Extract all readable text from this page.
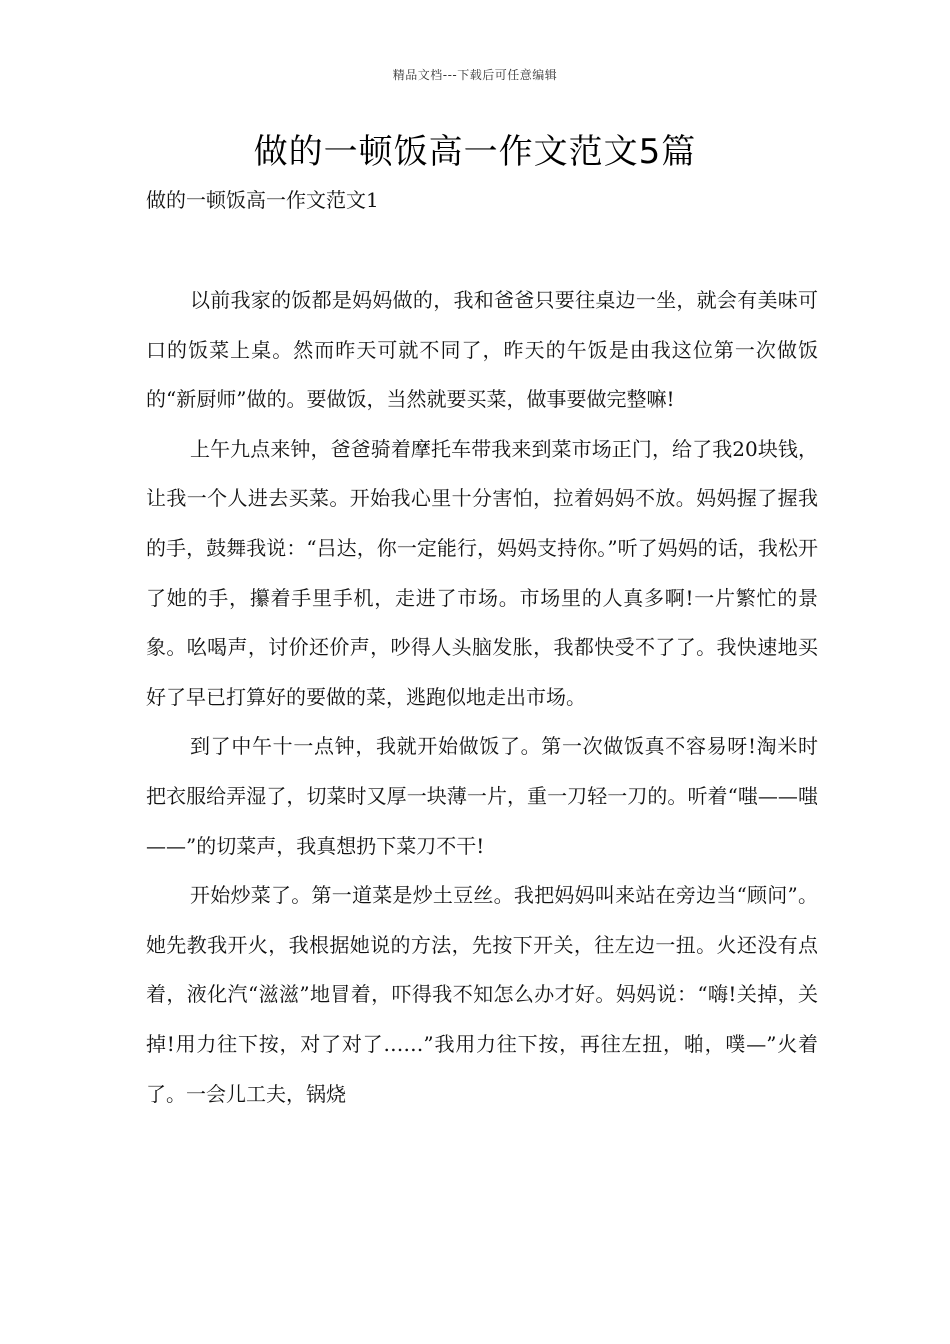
精品文档---下载后可任意编辑
做的一顿饭高一作文范文5篇
做的一顿饭高一作文范文1

以前我家的饭都是妈妈做的，我和爸爸只要往桌边一坐，就会有美味可口的饭菜上桌。然而昨天可就不同了，昨天的午饭是由我这位第一次做饭的“新厨师”做的。要做饭，当然就要买菜，做事要做完整嘛!

上午九点来钟，爸爸骑着摩托车带我来到菜市场正门，给了我20块钱，让我一个人进去买菜。开始我心里十分害怕，拉着妈妈不放。妈妈握了握我的手，鼓舞我说：“吕达，你一定能行，妈妈支持你。”听了妈妈的话，我松开了她的手，攥着手里手机，走进了市场。市场里的人真多啊!一片繁忙的景象。吆喝声，讨价还价声，吵得人头脑发胀，我都快受不了了。我快速地买好了早已打算好的要做的菜，逃跑似地走出市场。

到了中午十一点钟，我就开始做饭了。第一次做饭真不容易呀!淘米时把衣服给弄湿了，切菜时又厚一块薄一片，重一刀轻一刀的。听着“嗤——嗤——”的切菜声，我真想扔下菜刀不干!

开始炒菜了。第一道菜是炒土豆丝。我把妈妈叫来站在旁边当“顾问”。她先教我开火，我根据她说的方法，先按下开关，往左边一扭。火还没有点着，液化汽“滋滋”地冒着，吓得我不知怎么办才好。妈妈说：“嗨!关掉，关掉!用力往下按，对了对了……”我用力往下按，再往左扭，啪，噗—”火着了。一会儿工夫，锅烧
